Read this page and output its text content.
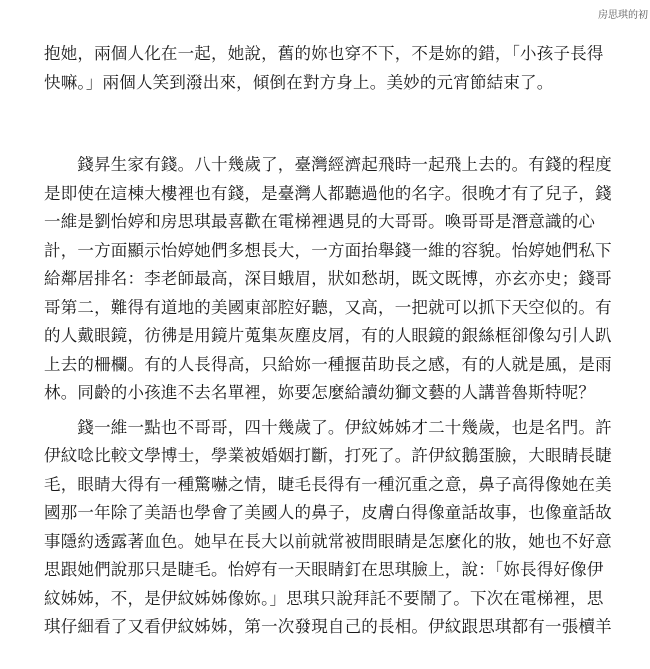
房思琪的初
抱她，兩個人化在一起，她說，舊的妳也穿不下，不是妳的錯，「小孩子長得
快嘛。」兩個人笑到潑出來，傾倒在對方身上。美妙的元宵節結束了。
　　錢昇生家有錢。八十幾歲了，臺灣經濟起飛時一起飛上去的。有錢的程度
是即使在這棟大樓裡也有錢，是臺灣人都聽過他的名字。很晚才有了兒子，錢
一維是劉怡婷和房思琪最喜歡在電梯裡遇見的大哥哥。喚哥哥是潛意識的心
計，一方面顯示怡婷她們多想長大，一方面抬舉錢一維的容貌。怡婷她們私下
給鄰居排名：李老師最高，深目蛾眉，狀如愁胡，既文既博，亦玄亦史；錢哥
哥第二，難得有道地的美國東部腔好聽，又高，一把就可以抓下天空似的。有
的人戴眼鏡，彷彿是用鏡片蒐集灰塵皮屑，有的人眼鏡的銀絲框卻像勾引人趴
上去的柵欄。有的人長得高，只給妳一種揠苗助長之感，有的人就是風，是雨
林。同齡的小孩進不去名單裡，妳要怎麼給讀幼獅文藝的人講普魯斯特呢？
　　錢一維一點也不哥哥，四十幾歲了。伊紋姊姊才二十幾歲，也是名門。許
伊紋唸比較文學博士，學業被婚姻打斷，打死了。許伊紋鵝蛋臉，大眼睛長睫
毛，眼睛大得有一種驚嚇之情，睫毛長得有一種沉重之意，鼻子高得像她在美
國那一年除了美語也學會了美國人的鼻子，皮膚白得像童話故事，也像童話故
事隱約透露著血色。她早在長大以前就常被問眼睛是怎麼化的妝，她也不好意
思跟她們說那只是睫毛。怡婷有一天眼睛釘在思琪臉上，說：「妳長得好像伊
紋姊姊，不，是伊紋姊姊像妳。」思琪只說拜託不要鬧了。下次在電梯裡，思
琪仔細看了又看伊紋姊姊，第一次發現自己的長相。伊紋跟思琪都有一張櫝羊
